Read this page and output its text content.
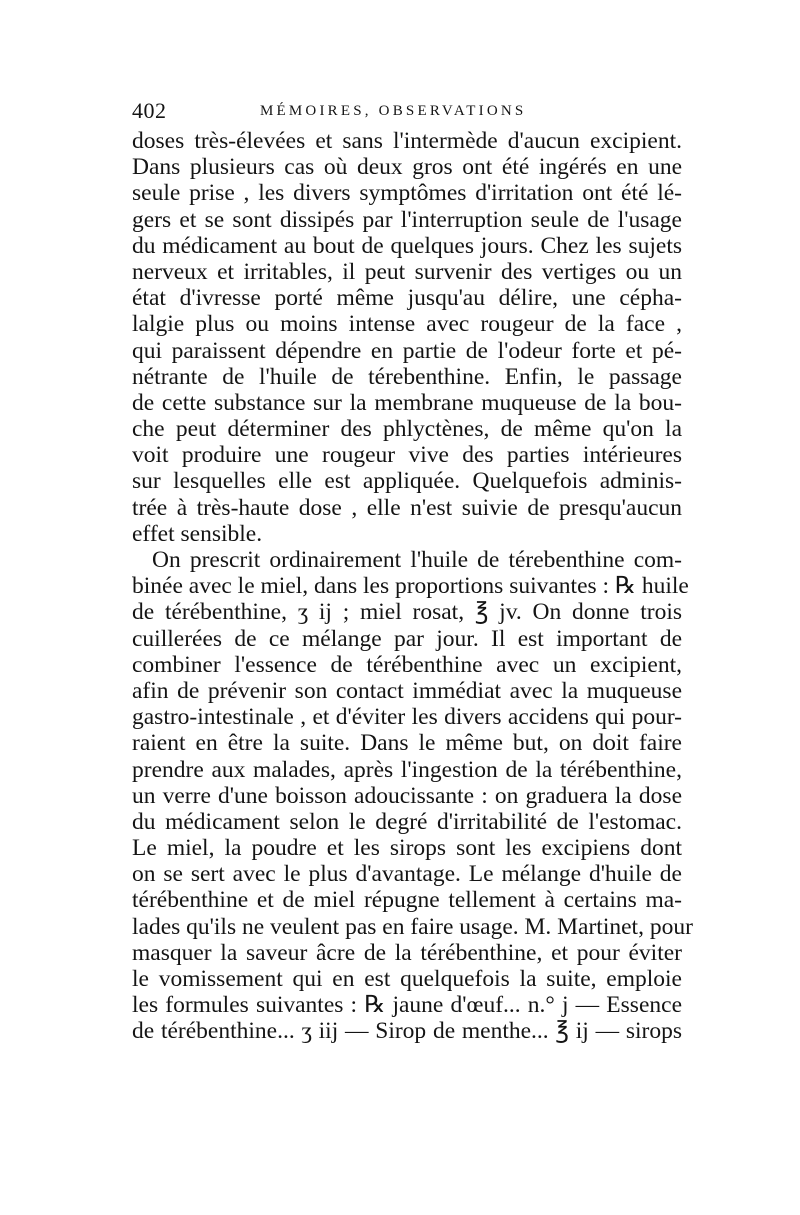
402	MÉMOIRES, OBSERVATIONS
doses très-élevées et sans l'intermède d'aucun excipient.
Dans plusieurs cas où deux gros ont été ingérés en une
seule prise , les divers symptômes d'irritation ont été lé-
gers et se sont dissipés par l'interruption seule de l'usage
du médicament au bout de quelques jours. Chez les sujets
nerveux et irritables, il peut survenir des vertiges ou un
état d'ivresse porté même jusqu'au délire, une cépha-
lalgie plus ou moins intense avec rougeur de la face ,
qui paraissent dépendre en partie de l'odeur forte et pé-
nétrante de l'huile de térebenthine. Enfin, le passage
de cette substance sur la membrane muqueuse de la bou-
che peut déterminer des phlyctènes, de même qu'on la
voit produire une rougeur vive des parties intérieures
sur lesquelles elle est appliquée. Quelquefois adminis-
trée à très-haute dose , elle n'est suivie de presqu'aucun
effet sensible.
On prescrit ordinairement l'huile de térebenthine com-
binée avec le miel, dans les proportions suivantes : ℞ huile
de térébenthine, ʒ ij ; miel rosat, ℥ jv. On donne trois
cuillerées de ce mélange par jour. Il est important de
combiner l'essence de térébenthine avec un excipient,
afin de prévenir son contact immédiat avec la muqueuse
gastro-intestinale , et d'éviter les divers accidens qui pour-
raient en être la suite. Dans le même but, on doit faire
prendre aux malades, après l'ingestion de la térébenthine,
un verre d'une boisson adoucissante : on graduera la dose
du médicament selon le degré d'irritabilité de l'estomac.
Le miel, la poudre et les sirops sont les excipiens dont
on se sert avec le plus d'avantage. Le mélange d'huile de
térébenthine et de miel répugne tellement à certains ma-
lades qu'ils ne veulent pas en faire usage. M. Martinet, pour
masquer la saveur âcre de la térébenthine, et pour éviter
le vomissement qui en est quelquefois la suite, emploie
les formules suivantes : ℞ jaune d'œuf... n.° j — Essence
de térébenthine... ʒ iij — Sirop de menthe... ℥ ij — sirops
